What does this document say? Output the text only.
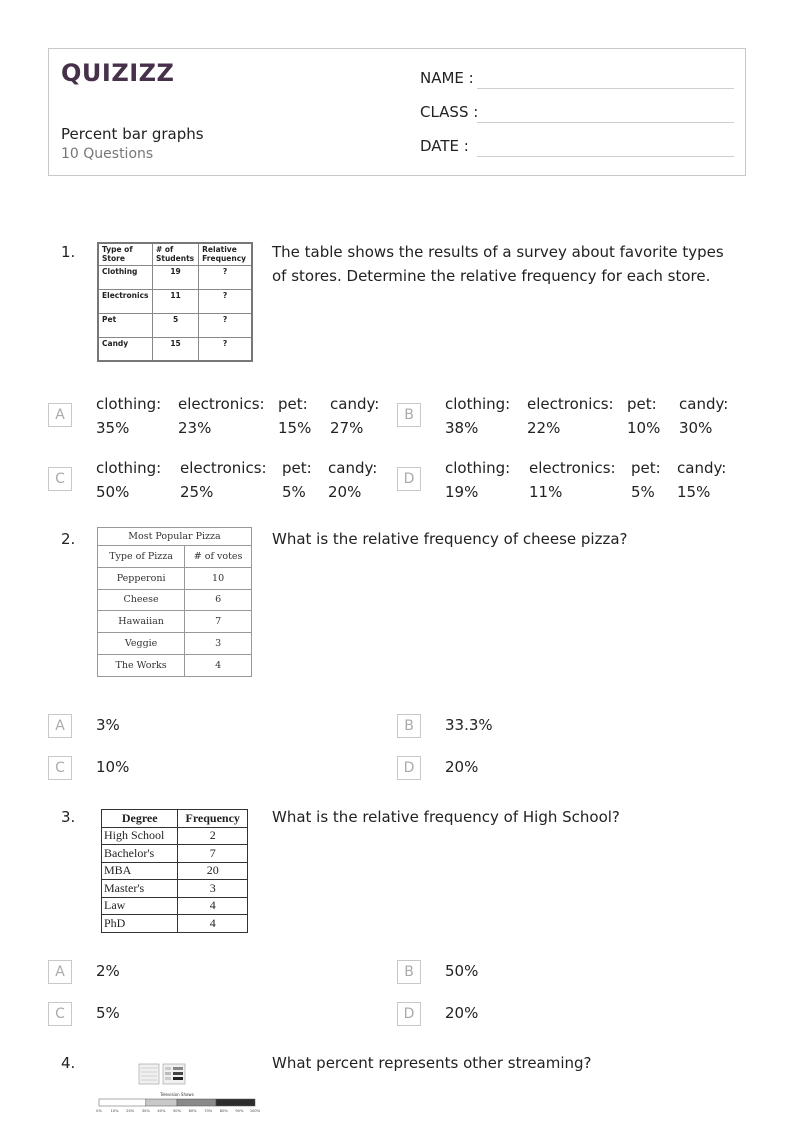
QUIZIZZ
Percent bar graphs
10 Questions
NAME :
CLASS :
DATE :
1.	Type of Store	# of Students	Relative Frequency
Clothing	19	?
Electronics	11	?
Pet	5	?
Candy	15	?
The table shows the results of a survey about favorite types of stores. Determine the relative frequency for each store.
A
clothing:
35%
electronics:
23%
pet:
15%
candy:
27%
B
clothing:
38%
electronics:
22%
pet:
10%
candy:
30%
C
clothing:
50%
electronics:
25%
pet:
5%
candy:
20%
D
clothing:
19%
electronics:
11%
pet:
5%
candy:
15%
2.	Most Popular Pizza
Type of Pizza	# of votes
Pepperoni	10
Cheese	6
Hawaiian	7
Veggie	3
The Works	4
What is the relative frequency of cheese pizza?
A	3%	B	33.3%
C	10%	D	20%
3.	Degree	Frequency
High School	2
Bachelor's	7
MBA	20
Master's	3
Law	4
PhD	4
What is the relative frequency of High School?
A	2%	B	50%
C	5%	D	20%
4.
Television Shows
0% 10% 20% 30% 40% 50% 60% 70% 80% 90% 100%
What percent represents other streaming?
